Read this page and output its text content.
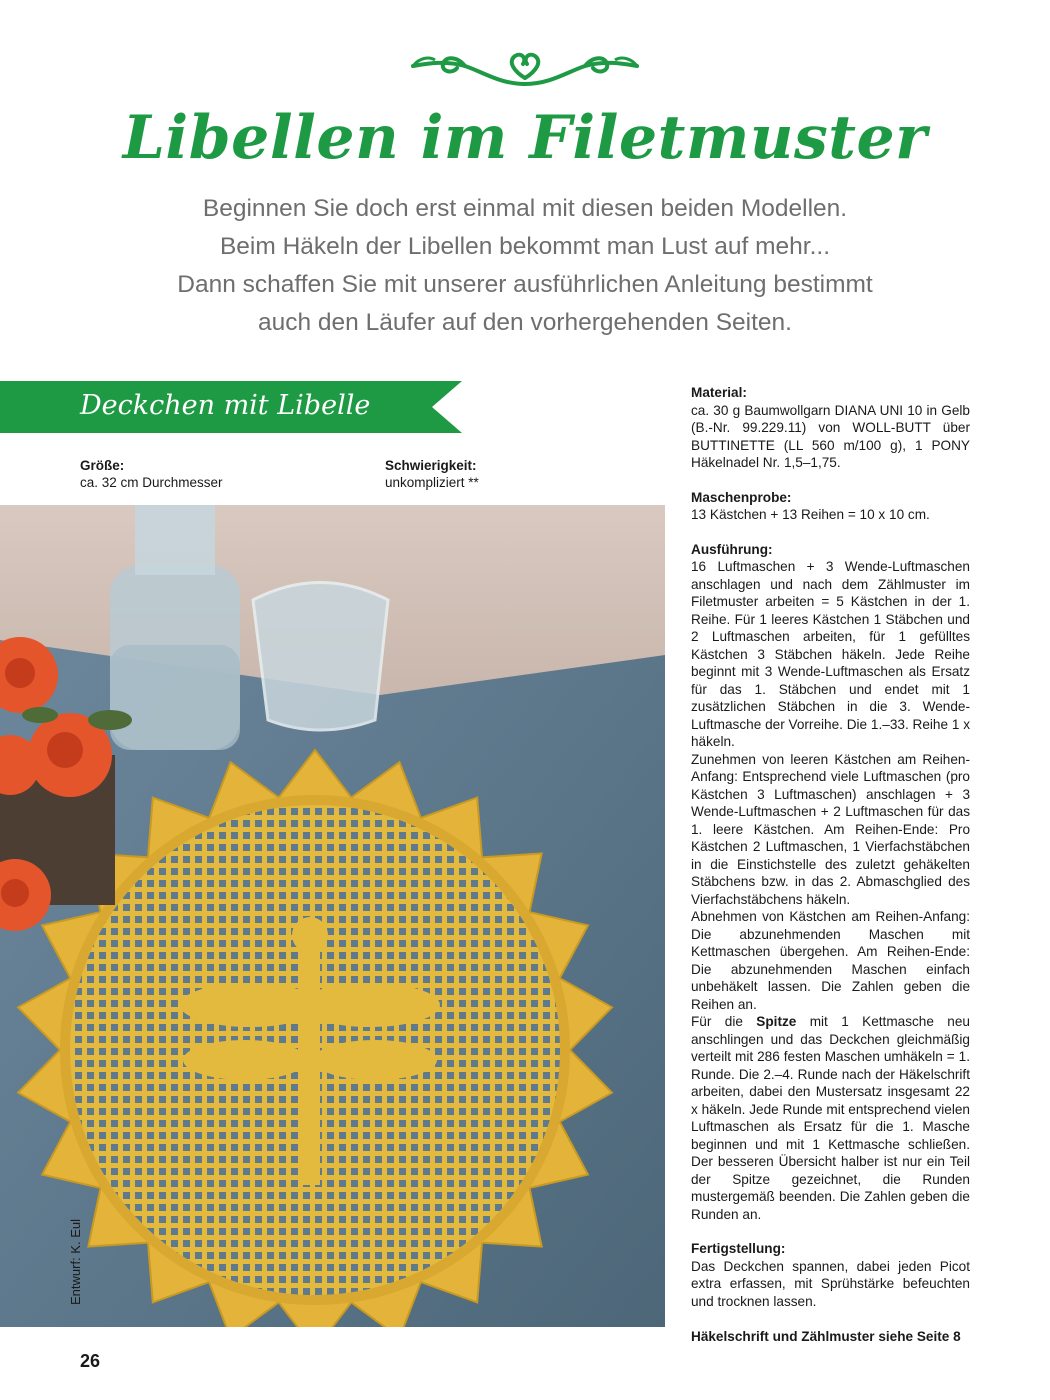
Libellen im Filetmuster
Beginnen Sie doch erst einmal mit diesen beiden Modellen.
Beim Häkeln der Libellen bekommt man Lust auf mehr...
Dann schaffen Sie mit unserer ausführlichen Anleitung bestimmt
auch den Läufer auf den vorhergehenden Seiten.
Deckchen mit Libelle
Größe:
ca. 32 cm Durchmesser
Schwierigkeit:
unkompliziert **
Entwurf: K. Eul
Material:

ca. 30 g Baumwollgarn DIANA UNI 10 in Gelb (B.-Nr. 99.229.11) von WOLL-BUTT über BUTTINETTE (LL 560 m/100 g), 1 PONY Häkelnadel Nr. 1,5–1,75.

Maschenprobe:

13 Kästchen + 13 Reihen = 10 x 10 cm.

Ausführung:

16 Luftmaschen + 3 Wende-Luftmaschen anschlagen und nach dem Zählmuster im Filetmuster arbeiten = 5 Kästchen in der 1. Reihe. Für 1 leeres Kästchen 1 Stäbchen und 2 Luftmaschen arbeiten, für 1 gefülltes Kästchen 3 Stäbchen häkeln. Jede Reihe beginnt mit 3 Wende-Luftmaschen als Ersatz für das 1. Stäbchen und endet mit 1 zusätzlichen Stäbchen in die 3. Wende-Luftmasche der Vorreihe. Die 1.–33. Reihe 1 x häkeln.

Zunehmen von leeren Kästchen am Reihen-Anfang: Entsprechend viele Luftmaschen (pro Kästchen 3 Luftmaschen) anschlagen + 3 Wende-Luftmaschen + 2 Luftmaschen für das 1. leere Kästchen. Am Reihen-Ende: Pro Kästchen 2 Luftmaschen, 1 Vierfachstäbchen in die Einstichstelle des zuletzt gehäkelten Stäbchens bzw. in das 2. Abmaschglied des Vierfachstäbchens häkeln.

Abnehmen von Kästchen am Reihen-Anfang: Die abzunehmenden Maschen mit Kettmaschen übergehen. Am Reihen-Ende: Die abzunehmenden Maschen einfach unbehäkelt lassen. Die Zahlen geben die Reihen an.

Für die Spitze mit 1 Kettmasche neu anschlingen und das Deckchen gleichmäßig verteilt mit 286 festen Maschen umhäkeln = 1. Runde. Die 2.–4. Runde nach der Häkelschrift arbeiten, dabei den Mustersatz insgesamt 22 x häkeln. Jede Runde mit entsprechend vielen Luftmaschen als Ersatz für die 1. Masche beginnen und mit 1 Kettmasche schließen. Der besseren Übersicht halber ist nur ein Teil der Spitze gezeichnet, die Runden mustergemäß beenden. Die Zahlen geben die Runden an.

Fertigstellung:

Das Deckchen spannen, dabei jeden Picot extra erfassen, mit Sprühstärke befeuchten und trocknen lassen.

Häkelschrift und Zählmuster siehe Seite 8

26
